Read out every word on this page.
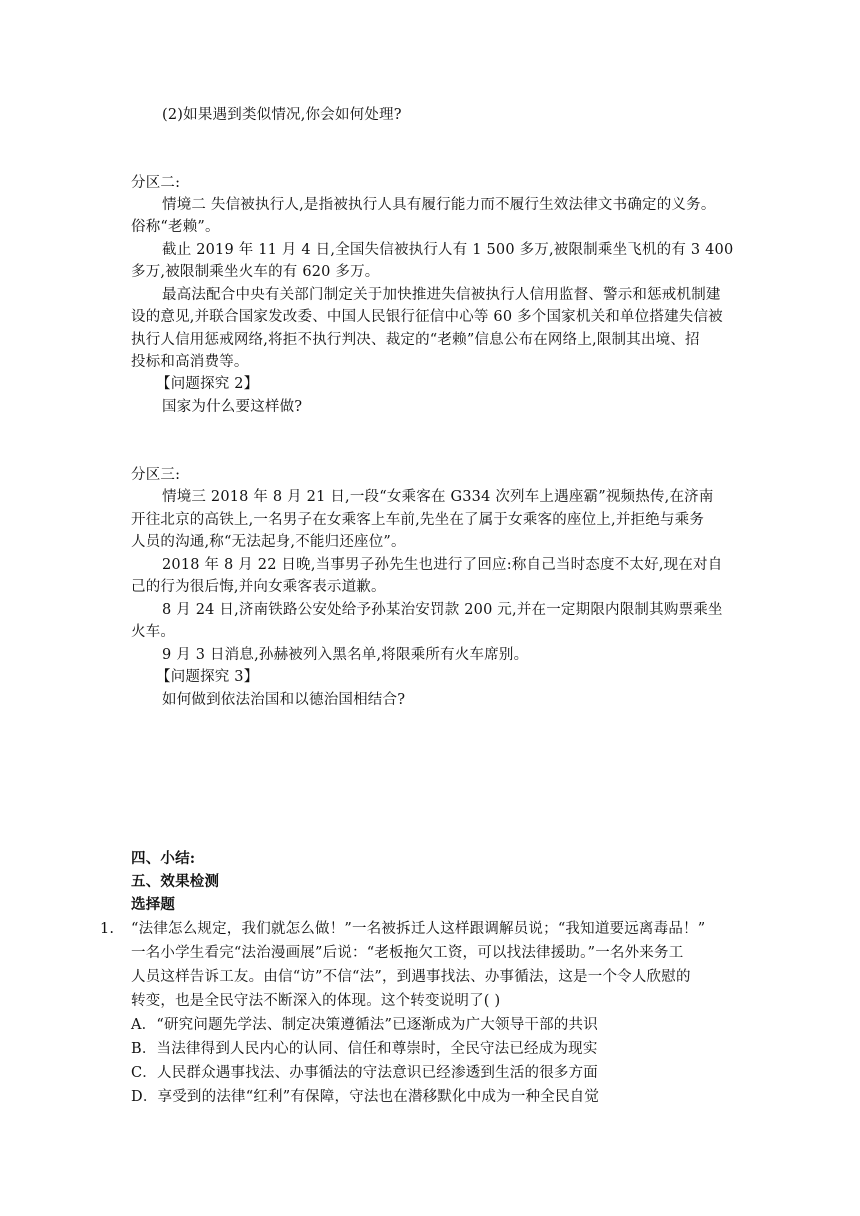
(2)如果遇到类似情况,你会如何处理?
分区二:
情境二 失信被执行人,是指被执行人具有履行能力而不履行生效法律文书确定的义务。
俗称“老赖”。
截止 2019 年 11 月 4 日,全国失信被执行人有 1 500 多万,被限制乘坐飞机的有 3 400
多万,被限制乘坐火车的有 620 多万。
最高法配合中央有关部门制定关于加快推进失信被执行人信用监督、警示和惩戒机制建
设的意见,并联合国家发改委、中国人民银行征信中心等 60 多个国家机关和单位搭建失信被
执行人信用惩戒网络,将拒不执行判决、裁定的“老赖”信息公布在网络上,限制其出境、招
投标和高消费等。
【问题探究 2】
国家为什么要这样做?
分区三:
情境三 2018 年 8 月 21 日,一段“女乘客在 G334 次列车上遇座霸”视频热传,在济南
开往北京的高铁上,一名男子在女乘客上车前,先坐在了属于女乘客的座位上,并拒绝与乘务
人员的沟通,称“无法起身,不能归还座位”。
2018 年 8 月 22 日晚,当事男子孙先生也进行了回应:称自己当时态度不太好,现在对自
己的行为很后悔,并向女乘客表示道歉。
8 月 24 日,济南铁路公安处给予孙某治安罚款 200 元,并在一定期限内限制其购票乘坐
火车。
9 月 3 日消息,孙赫被列入黑名单,将限乘所有火车席别。
【问题探究 3】
如何做到依法治国和以德治国相结合?
四、小结:
五、效果检测
选择题
1. “法律怎么规定，我们就怎么做！”一名被拆迁人这样跟调解员说；“我知道要远离毒品！”
一名小学生看完“法治漫画展”后说：“老板拖欠工资，可以找法律援助。”一名外来务工
人员这样告诉工友。由信“访”不信“法”，到遇事找法、办事循法，这是一个令人欣慰的
转变，也是全民守法不断深入的体现。这个转变说明了( )
A．“研究问题先学法、制定决策遵循法”已逐渐成为广大领导干部的共识
B．当法律得到人民内心的认同、信任和尊崇时，全民守法已经成为现实
C．人民群众遇事找法、办事循法的守法意识已经渗透到生活的很多方面
D．享受到的法律“红利”有保障，守法也在潜移默化中成为一种全民自觉
